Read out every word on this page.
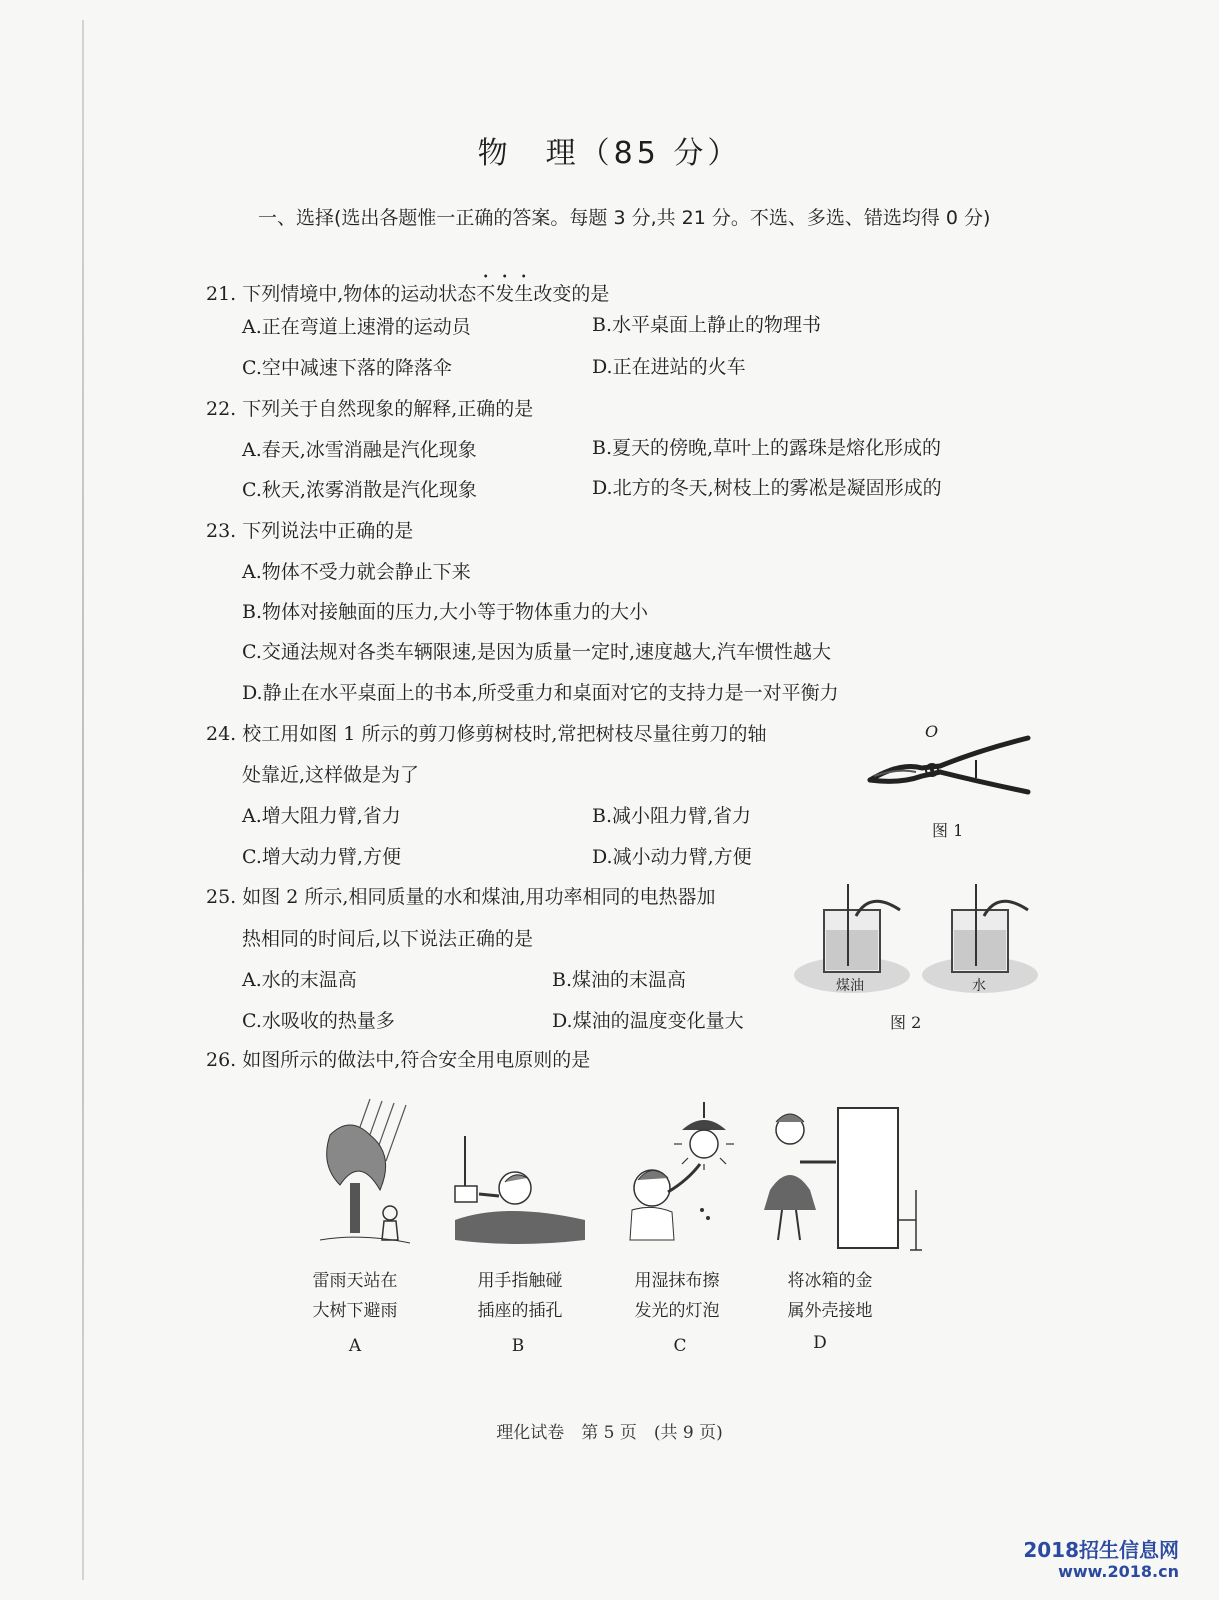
物　理（85 分）
一、选择(选出各题惟一正确的答案。每题 3 分,共 21 分。不选、多选、错选均得 0 分)
21. 下列情境中,物体的运动状态不发生改变的是
A.正在弯道上速滑的运动员	B.水平桌面上静止的物理书
C.空中减速下落的降落伞	D.正在进站的火车
22. 下列关于自然现象的解释,正确的是
A.春天,冰雪消融是汽化现象	B.夏天的傍晚,草叶上的露珠是熔化形成的
C.秋天,浓雾消散是汽化现象	D.北方的冬天,树枝上的雾凇是凝固形成的
23. 下列说法中正确的是
A.物体不受力就会静止下来
B.物体对接触面的压力,大小等于物体重力的大小
C.交通法规对各类车辆限速,是因为质量一定时,速度越大,汽车惯性越大
D.静止在水平桌面上的书本,所受重力和桌面对它的支持力是一对平衡力
24. 校工用如图 1 所示的剪刀修剪树枝时,常把树枝尽量往剪刀的轴
处靠近,这样做是为了
A.增大阻力臂,省力	B.减小阻力臂,省力
C.增大动力臂,方便	D.减小动力臂,方便
O
图 1
25. 如图 2 所示,相同质量的水和煤油,用功率相同的电热器加
热相同的时间后,以下说法正确的是
A.水的末温高	B.煤油的末温高
C.水吸收的热量多	D.煤油的温度变化量大
煤油	水
图 2
26. 如图所示的做法中,符合安全用电原则的是
雷雨天站在
大树下避雨
A
用手指触碰
插座的插孔
B
用湿抹布擦
发光的灯泡
C
将冰箱的金
属外壳接地
D
理化试卷　第 5 页　(共 9 页)
2018招生信息网
www.2018.cn
